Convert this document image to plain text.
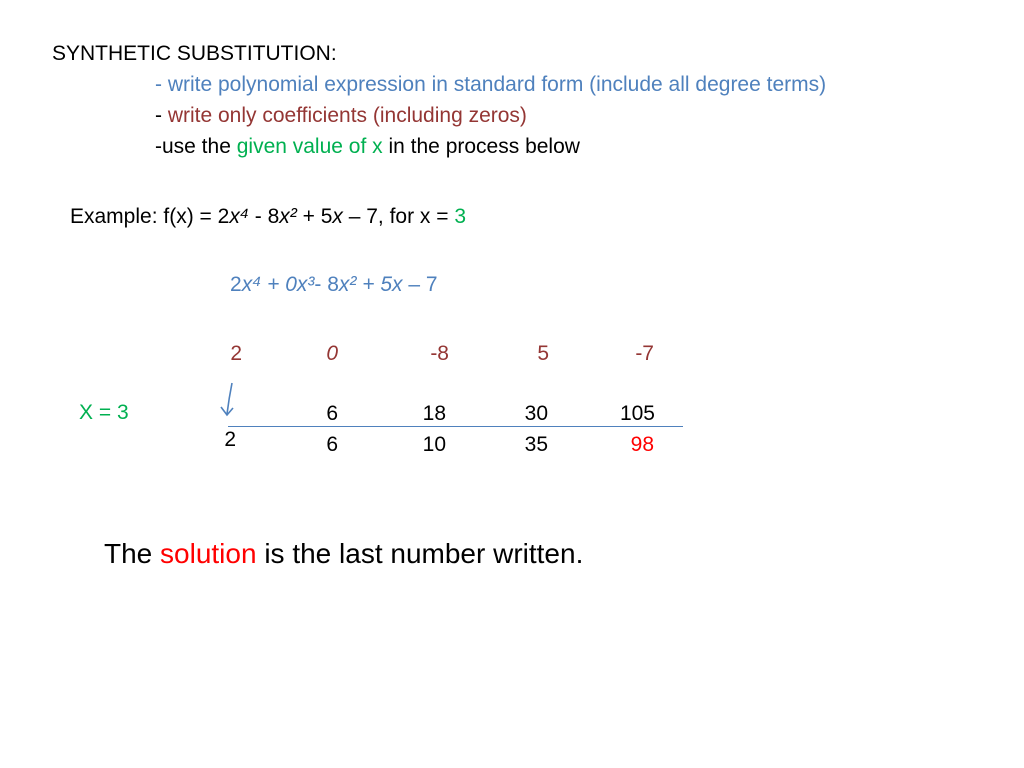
SYNTHETIC SUBSTITUTION:
- write polynomial expression in standard form (include all degree terms)
- write only coefficients (including zeros)
-use the given value of x in the process below
Example: f(x) = 2x⁴ - 8x² + 5x – 7, for x = 3
2x⁴ + 0x³- 8x² + 5x – 7
2	0	-8	5	-7
X = 3	6	18	30	105
2	6	10	35	98
The solution is the last number written.
